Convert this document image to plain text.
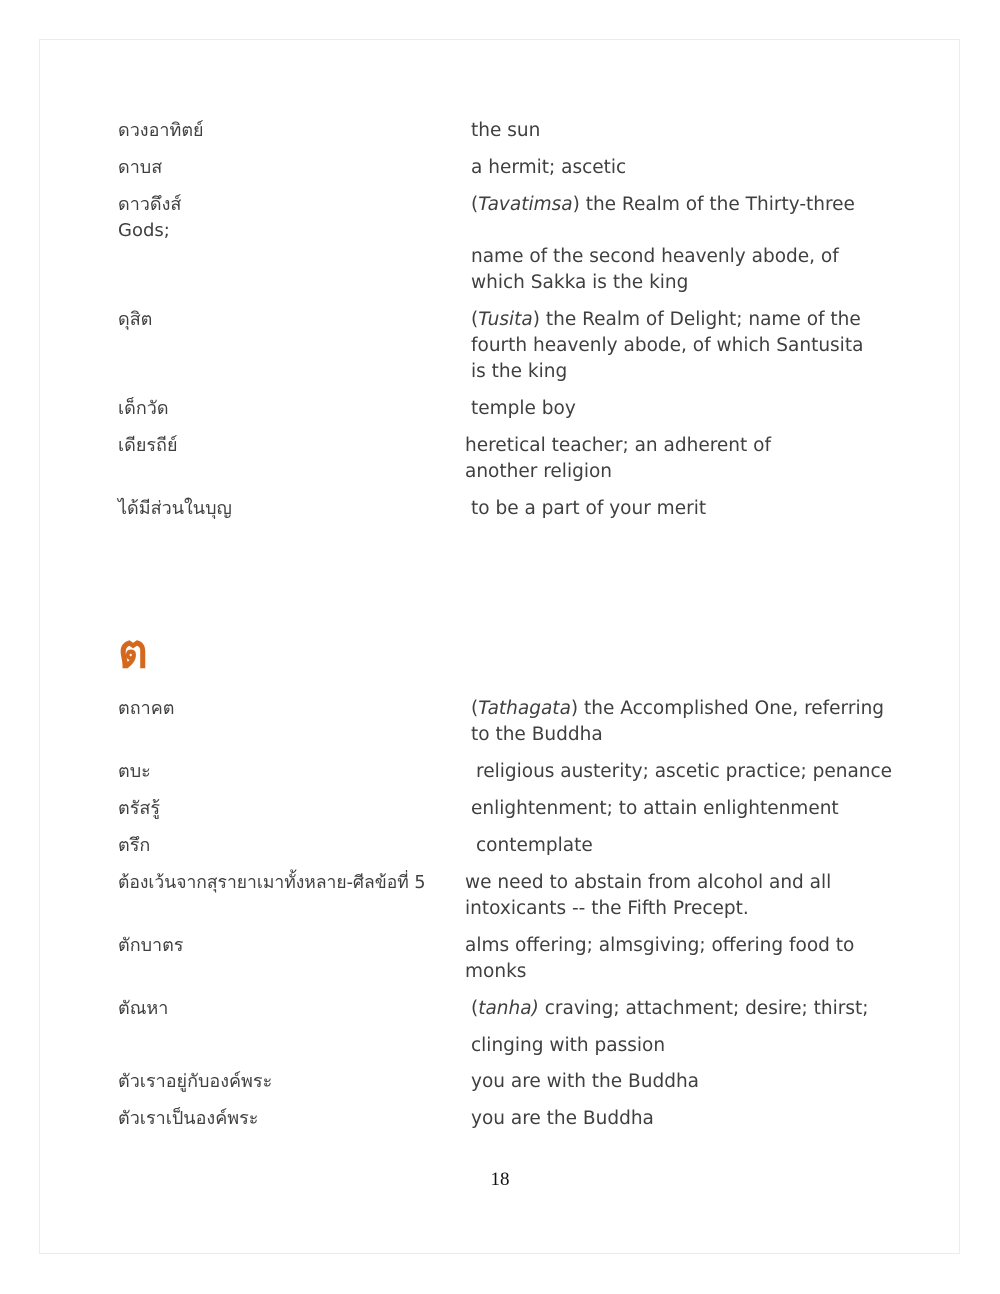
ดวงอาทิตย์	the sun
ดาบส	a hermit; ascetic
ดาวดึงส์	(Tavatimsa) the Realm of the Thirty-three
Gods;
name of the second heavenly abode, of which Sakka is the king
ดุสิต	(Tusita) the Realm of Delight; name of the fourth heavenly abode, of which Santusita is the king
เด็กวัด	temple boy
เดียรถีย์	heretical teacher; an adherent of another religion
ได้มีส่วนในบุญ	to be a part of your merit
ต
ตถาคต	(Tathagata) the Accomplished One, referring to the Buddha
ตบะ	religious austerity; ascetic practice; penance
ตรัสรู้	enlightenment; to attain enlightenment
ตรึก	contemplate
ต้องเว้นจากสุรายาเมาทั้งหลาย-ศีลข้อที่ 5 we need to abstain from alcohol and all intoxicants -- the Fifth Precept.
ตักบาตร	alms offering; almsgiving; offering food to monks
ตัณหา	(tanha) craving; attachment; desire; thirst;
clinging with passion
ตัวเราอยู่กับองค์พระ	you are with the Buddha
ตัวเราเป็นองค์พระ	you are the Buddha
18
